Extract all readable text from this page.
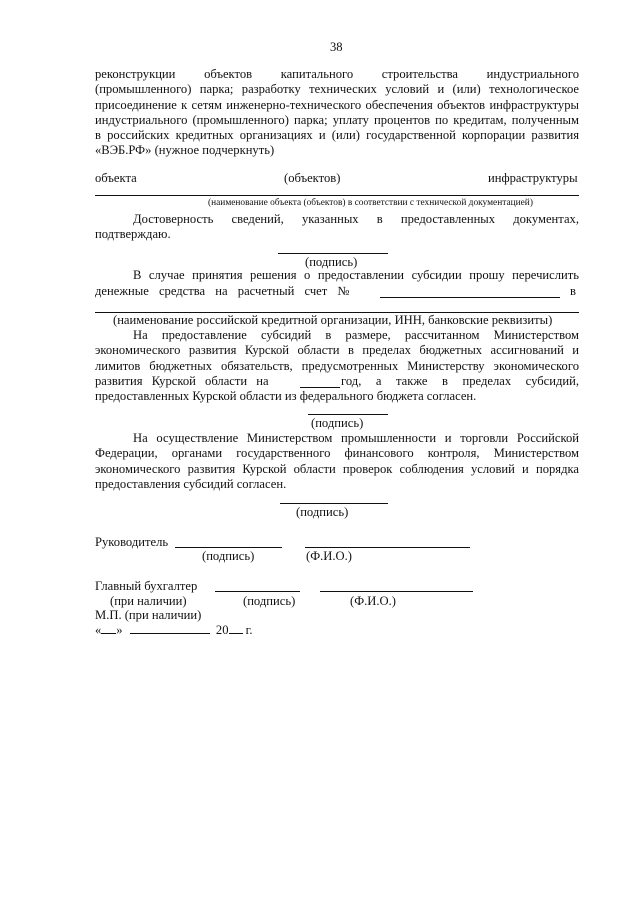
38
реконструкции объектов капитального строительства индустриального
(промышленного) парка; разработку технических условий и (или) технологическое
присоединение к сетям инженерно-технического обеспечения объектов инфраструктуры
индустриального (промышленного) парка; уплату процентов по кредитам, полученным
в российских кредитных организациях и (или) государственной корпорации развития
«ВЭБ.РФ» (нужное подчеркнуть)
объекта	(объектов)	инфраструктуры
(наименование объекта (объектов) в соответствии с технической документацией)
Достоверность сведений, указанных в предоставленных документах,
подтверждаю.
(подпись)
В случае принятия решения о предоставлении субсидии прошу перечислить
денежные средства на расчетный счет №	в
(наименование российской кредитной организации, ИНН, банковские реквизиты)
На предоставление субсидий в размере, рассчитанном Министерством
экономического развития Курской области в пределах бюджетных ассигнований и
лимитов бюджетных обязательств, предусмотренных Министерству экономического
развития Курской области на	год, а также в пределах субсидий,
предоставленных Курской области из федерального бюджета согласен.
(подпись)
На осуществление Министерством промышленности и торговли Российской
Федерации, органами государственного финансового контроля, Министерством
экономического развития Курской области проверок соблюдения условий и порядка
предоставления субсидий согласен.
(подпись)
Руководитель
(подпись)	(Ф.И.О.)
Главный бухгалтер
(при наличии)	(подпись)	(Ф.И.О.)
М.П. (при наличии)
« »	20 г.
